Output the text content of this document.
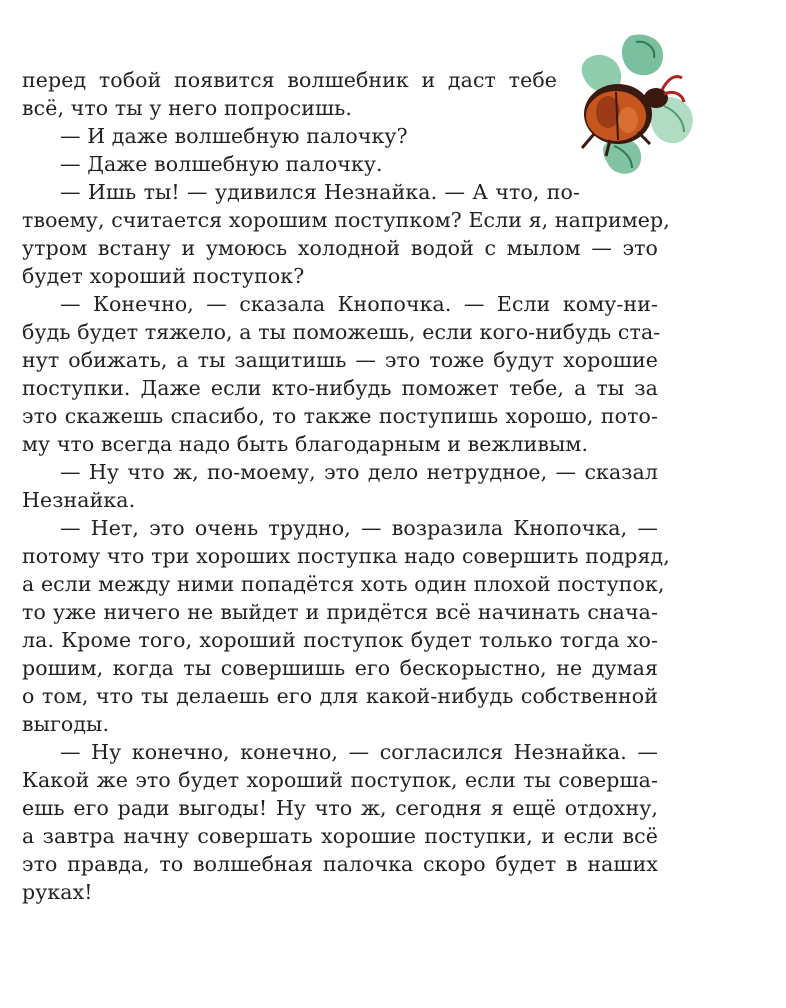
перед тобой появится волшебник и даст тебе
всё, что ты у него попросишь.
— И даже волшебную палочку?
— Даже волшебную палочку.
— Ишь ты! — удивился Незнайка. — А что, по-
твоему, считается хорошим поступком? Если я, например,
утром встану и умоюсь холодной водой с мылом — это
будет хороший поступок?
— Конечно, — сказала Кнопочка. — Если кому-ни-
будь будет тяжело, а ты поможешь, если кого-нибудь ста-
нут обижать, а ты защитишь — это тоже будут хорошие
поступки. Даже если кто-нибудь поможет тебе, а ты за
это скажешь спасибо, то также поступишь хорошо, пото-
му что всегда надо быть благодарным и вежливым.
— Ну что ж, по-моему, это дело нетрудное, — сказал
Незнайка.
— Нет, это очень трудно, — возразила Кнопочка, —
потому что три хороших поступка надо совершить подряд,
а если между ними попадётся хоть один плохой поступок,
то уже ничего не выйдет и придётся всё начинать снача-
ла. Кроме того, хороший поступок будет только тогда хо-
рошим, когда ты совершишь его бескорыстно, не думая
о том, что ты делаешь его для какой-нибудь собственной
выгоды.
— Ну конечно, конечно, — согласился Незнайка. —
Какой же это будет хороший поступок, если ты соверша-
ешь его ради выгоды! Ну что ж, сегодня я ещё отдохну,
а завтра начну совершать хорошие поступки, и если всё
это правда, то волшебная палочка скоро будет в наших
руках!
